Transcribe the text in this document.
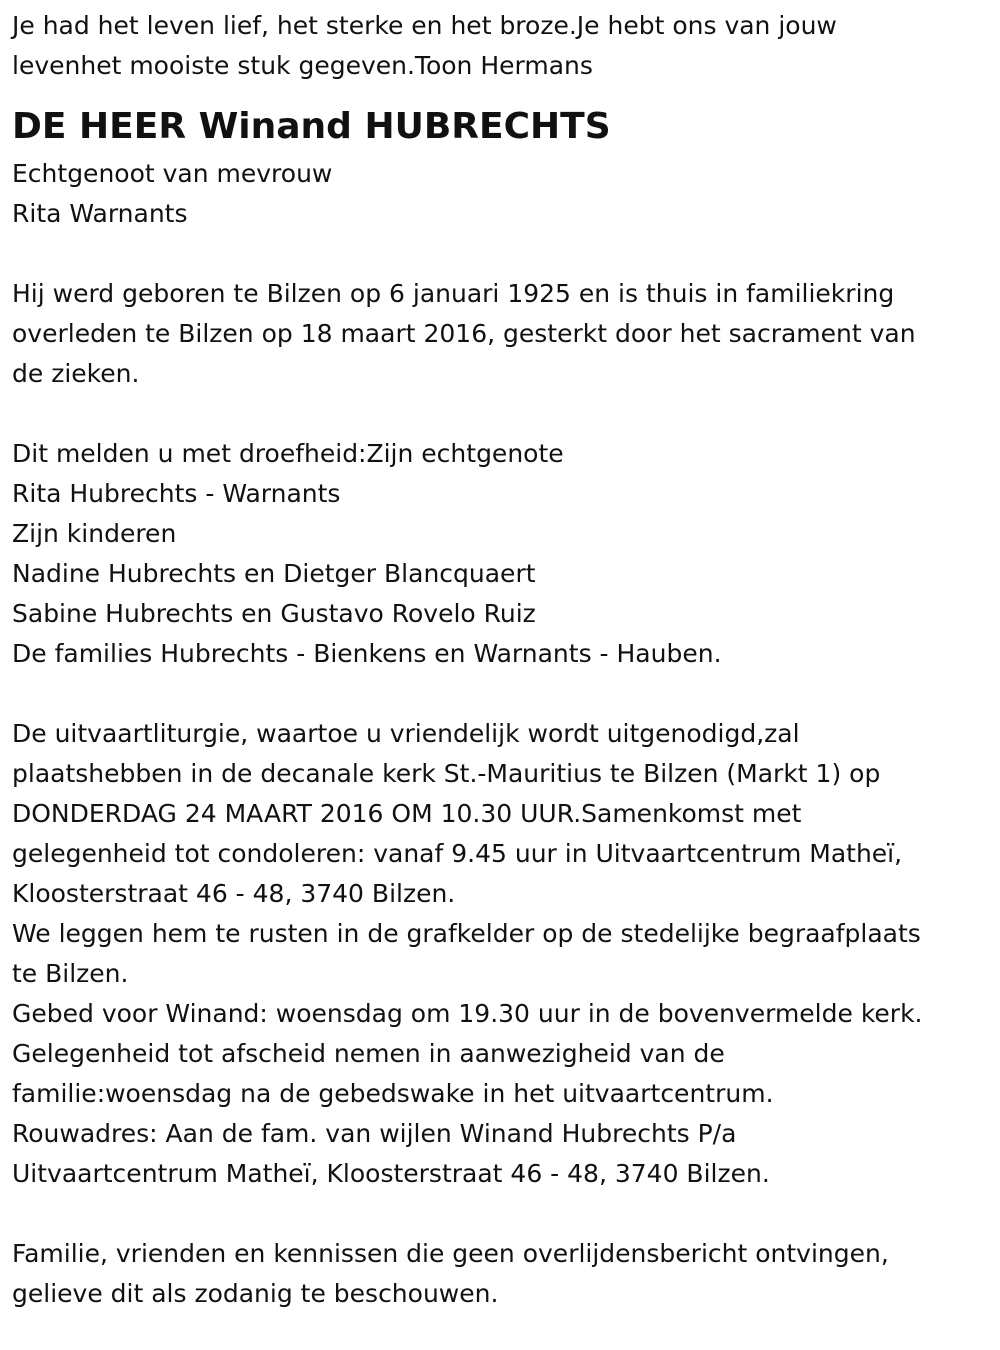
Je had het leven lief, het sterke en het broze.Je hebt ons van jouw
levenhet mooiste stuk gegeven.Toon Hermans
DE HEER Winand HUBRECHTS
Echtgenoot van mevrouw
Rita Warnants
Hij werd geboren te Bilzen op 6 januari 1925 en is thuis in familiekring
overleden te Bilzen op 18 maart 2016, gesterkt door het sacrament van
de zieken.
Dit melden u met droefheid:Zijn echtgenote
Rita Hubrechts - Warnants
Zijn kinderen
Nadine Hubrechts en Dietger Blancquaert
Sabine Hubrechts en Gustavo Rovelo Ruiz
De families Hubrechts - Bienkens en Warnants - Hauben.
De uitvaartliturgie, waartoe u vriendelijk wordt uitgenodigd,zal
plaatshebben in de decanale kerk St.-Mauritius te Bilzen (Markt 1) op
DONDERDAG 24 MAART 2016 OM 10.30 UUR.Samenkomst met
gelegenheid tot condoleren: vanaf 9.45 uur in Uitvaartcentrum Matheï,
Kloosterstraat 46 - 48, 3740 Bilzen.
We leggen hem te rusten in de grafkelder op de stedelijke begraafplaats
te Bilzen.
Gebed voor Winand: woensdag om 19.30 uur in de bovenvermelde kerk.
Gelegenheid tot afscheid nemen in aanwezigheid van de
familie:woensdag na de gebedswake in het uitvaartcentrum.
Rouwadres: Aan de fam. van wijlen Winand Hubrechts P/a
Uitvaartcentrum Matheï, Kloosterstraat 46 - 48, 3740 Bilzen.
Familie, vrienden en kennissen die geen overlijdensbericht ontvingen,
gelieve dit als zodanig te beschouwen.
